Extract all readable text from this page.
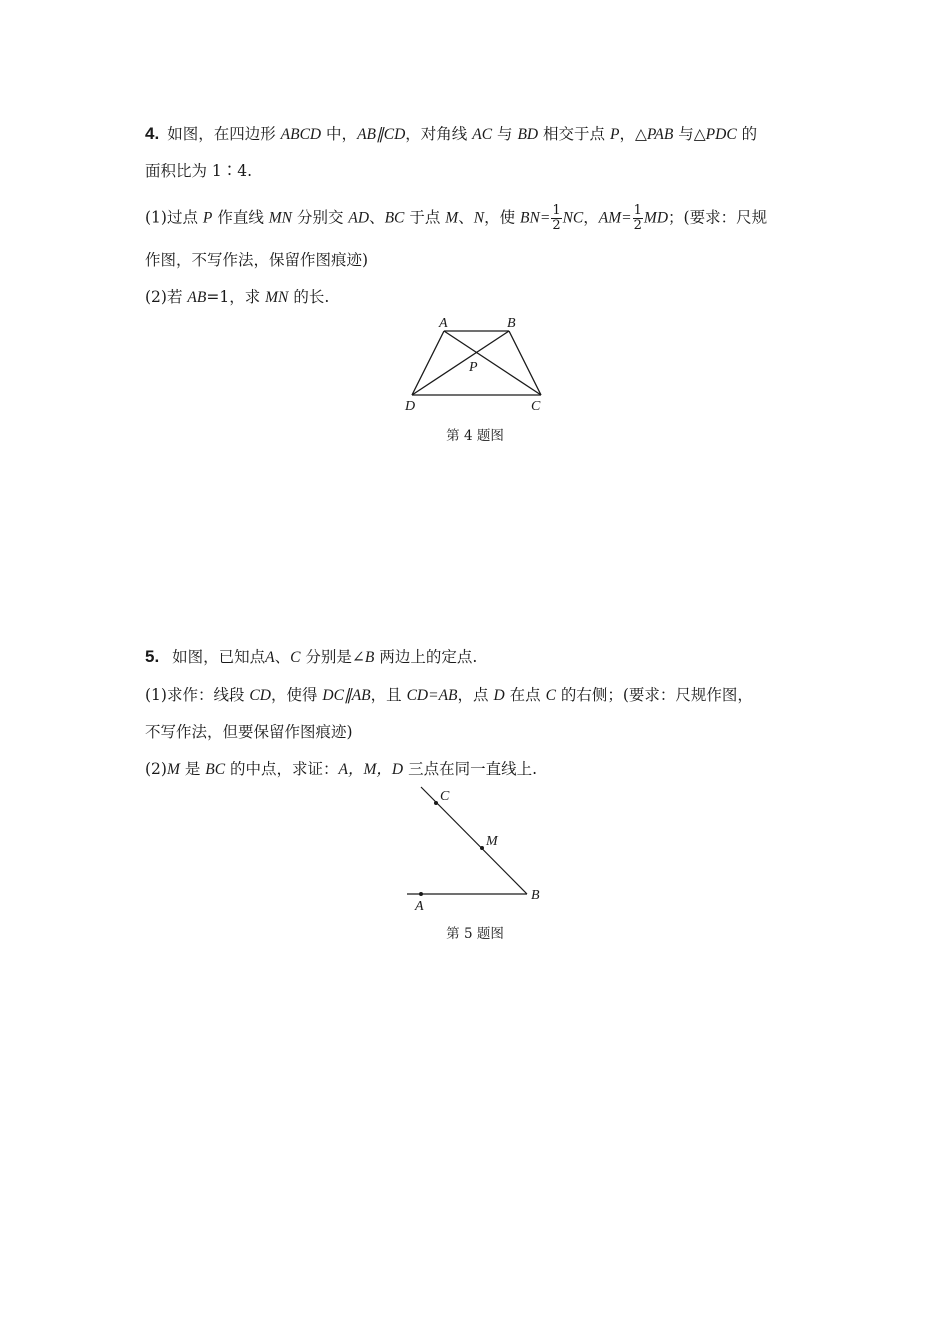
4. 如图，在四边形 ABCD 中，AB∥CD，对角线 AC 与 BD 相交于点 P，△PAB 与△PDC 的
面积比为 1∶4.
(1)过点 P 作直线 MN 分别交 AD、BC 于点 M、N，使 $BN= \frac{1}{2}$ NC，$AM= \frac{1}{2}$ MD；(要求：尺规
作图，不写作法，保留作图痕迹)
(2)若 AB=1，求 MN 的长.
A	B
P
D	C
C
M
B
A
第 4 题图
5. 如图，已知点A、C 分别是∠B 两边上的定点.
(1)求作：线段 CD，使得 DC∥AB，且 CD=AB，点 D 在点 C 的右侧；(要求：尺规作图，
不写作法，但要保留作图痕迹)
(2)M 是 BC 的中点，求证：A，M，D 三点在同一直线上.
第 5 题图
